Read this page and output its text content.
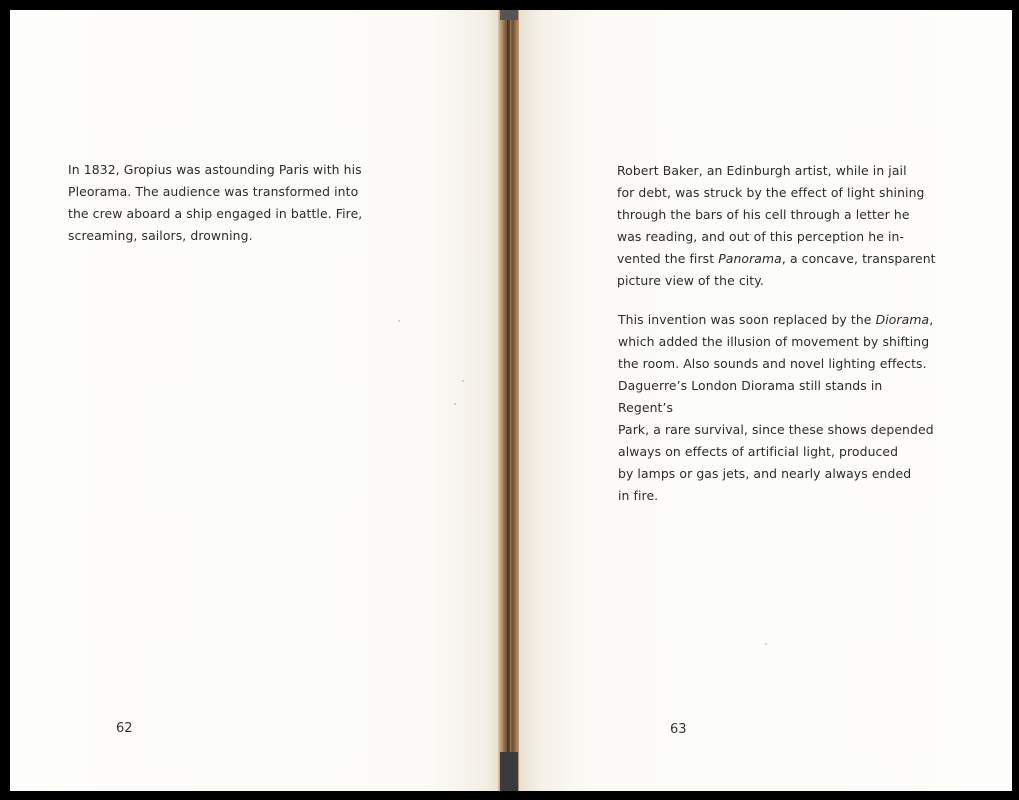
In 1832, Gropius was astounding Paris with his
Pleorama. The audience was transformed into
the crew aboard a ship engaged in battle. Fire,
screaming, sailors, drowning.
62
Robert Baker, an Edinburgh artist, while in jail
for debt, was struck by the effect of light shining
through the bars of his cell through a letter he
was reading, and out of this perception he in-
vented the first Panorama, a concave, transparent
picture view of the city.
This invention was soon replaced by the Diorama,
which added the illusion of movement by shifting
the room. Also sounds and novel lighting effects.
Daguerre’s London Diorama still stands in Regent’s
Park, a rare survival, since these shows depended
always on effects of artificial light, produced
by lamps or gas jets, and nearly always ended
in fire.
63
